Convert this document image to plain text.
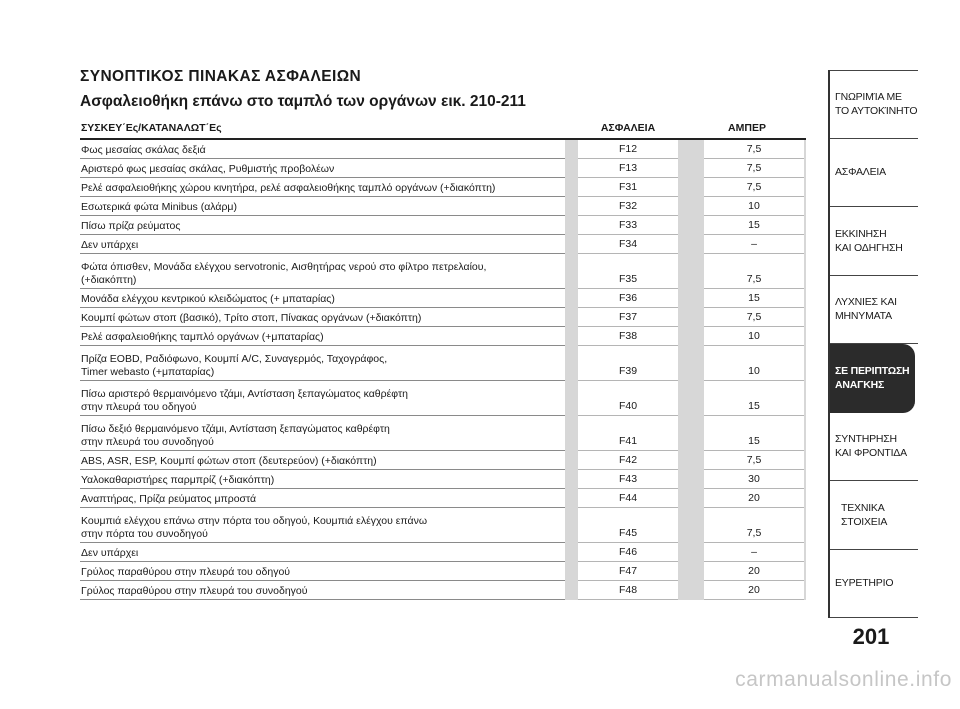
ΣΥΝΟΠΤΙΚΟΣ ΠΙΝΑΚΑΣ ΑΣΦΑΛΕΙΩΝ
Ασφαλειοθήκη επάνω στο ταμπλό των οργάνων εικ. 210-211
ΣΥΣΚΕΥ΄Ες/ΚΑΤΑΝΑΛΩΤ΄Ες	ΑΣΦΑΛΕΙΑ	ΑΜΠΕΡ
Φως μεσαίας σκάλας δεξιά	F12	7,5
Αριστερό φως μεσαίας σκάλας, Ρυθμιστής προβολέων	F13	7,5
Ρελέ ασφαλειοθήκης χώρου κινητήρα, ρελέ ασφαλειοθήκης ταμπλό οργάνων (+διακόπτη)	F31	7,5
Εσωτερικά φώτα Minibus (αλάρμ)	F32	10
Πίσω πρίζα ρεύματος	F33	15
Δεν υπάρχει	F34	–
Φώτα όπισθεν, Μονάδα ελέγχου servotronic, Αισθητήρας νερού στο φίλτρο πετρελαίου,
(+διακόπτη)	F35	7,5
Μονάδα ελέγχου κεντρικού κλειδώματος (+ μπαταρίας)	F36	15
Κουμπί φώτων στοπ (βασικό), Τρίτο στοπ, Πίνακας οργάνων (+διακόπτη)	F37	7,5
Ρελέ ασφαλειοθήκης ταμπλό οργάνων (+μπαταρίας)	F38	10
Πρίζα EOBD, Ραδιόφωνο, Κουμπί A/C, Συναγερμός, Ταχογράφος,
Timer webasto (+μπαταρίας)	F39	10
Πίσω αριστερό θερμαινόμενο τζάμι, Αντίσταση ξεπαγώματος καθρέφτη
στην πλευρά του οδηγού	F40	15
Πίσω δεξιό θερμαινόμενο τζάμι, Αντίσταση ξεπαγώματος καθρέφτη
στην πλευρά του συνοδηγού	F41	15
ABS, ASR, ESP, Κουμπί φώτων στοπ (δευτερεύον) (+διακόπτη)	F42	7,5
Υαλοκαθαριστήρες παρμπρίζ (+διακόπτη)	F43	30
Αναπτήρας, Πρίζα ρεύματος μπροστά	F44	20
Κουμπιά ελέγχου επάνω στην πόρτα του οδηγού, Κουμπιά ελέγχου επάνω
στην πόρτα του συνοδηγού	F45	7,5
Δεν υπάρχει	F46	–
Γρύλος παραθύρου στην πλευρά του οδηγού	F47	20
Γρύλος παραθύρου στην πλευρά του συνοδηγού	F48	20
ΓΝΩΡΙΜΊΑ ΜΕ
ΤΟ ΑΥΤΟΚΊΝΗΤΟ
ΑΣΦΑΛΕΙΑ
ΕΚΚΙΝΗΣΗ
ΚΑΙ ΟΔΗΓΗΣΗ
ΛΥΧΝΙΕΣ ΚΑΙ
ΜΗΝΥΜΑΤΑ
ΣΕ ΠΕΡΙΠΤΩΣΗ
ΑΝΑΓΚΗΣ
ΣΥΝΤΗΡΗΣΗ
ΚΑΙ ΦΡΟΝΤΙΔΑ
ΤΕΧΝΙΚΑ
ΣΤΟΙΧΕΙΑ
ΕΥΡΕΤΗΡΙΟ
201
carmanualsonline.info
